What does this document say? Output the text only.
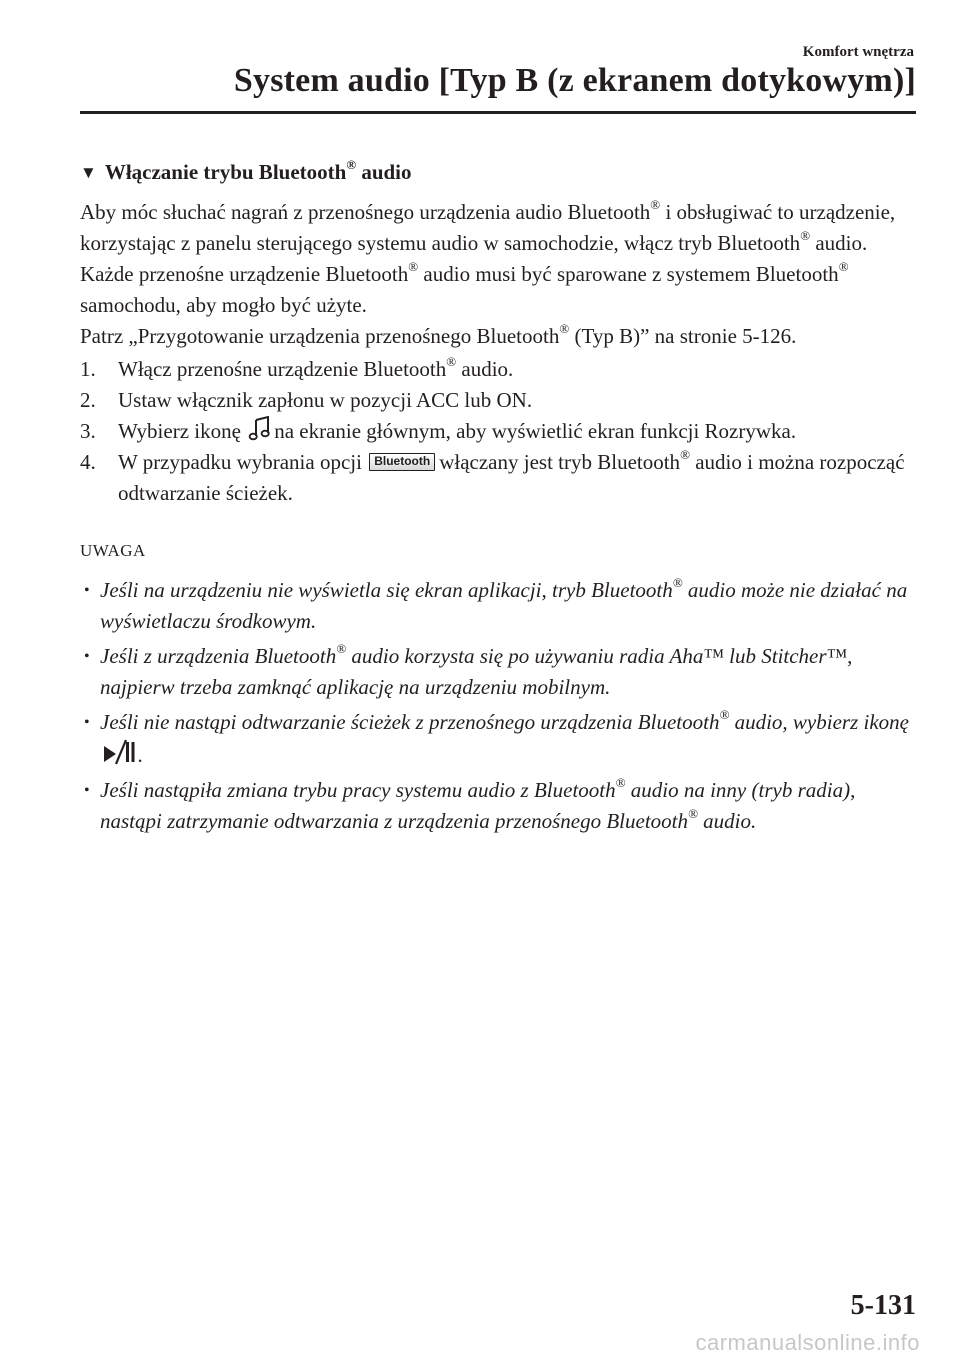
Komfort wnętrza
System audio [Typ B (z ekranem dotykowym)]
▼ Włączanie trybu Bluetooth® audio

Aby móc słuchać nagrań z przenośnego urządzenia audio Bluetooth® i obsługiwać to urządzenie, korzystając z panelu sterującego systemu audio w samochodzie, włącz tryb Bluetooth® audio. Każde przenośne urządzenie Bluetooth® audio musi być sparowane z systemem Bluetooth® samochodu, aby mogło być użyte.

Patrz „Przygotowanie urządzenia przenośnego Bluetooth® (Typ B)” na stronie 5-126.

1.	Włącz przenośne urządzenie Bluetooth® audio.
2.	Ustaw włącznik zapłonu w pozycji ACC lub ON.
3.	Wybierz ikonę na ekranie głównym, aby wyświetlić ekran funkcji Rozrywka.
4.	W przypadku wybrania opcji Bluetooth włączany jest tryb Bluetooth® audio i można rozpocząć odtwarzanie ścieżek.
UWAGA
• Jeśli na urządzeniu nie wyświetla się ekran aplikacji, tryb Bluetooth® audio może nie działać na wyświetlaczu środkowym.
• Jeśli z urządzenia Bluetooth® audio korzysta się po używaniu radia Aha™ lub Stitcher™, najpierw trzeba zamknąć aplikację na urządzeniu mobilnym.
• Jeśli nie nastąpi odtwarzanie ścieżek z przenośnego urządzenia Bluetooth® audio, wybierz ikonę .
• Jeśli nastąpiła zmiana trybu pracy systemu audio z Bluetooth® audio na inny (tryb radia), nastąpi zatrzymanie odtwarzania z urządzenia przenośnego Bluetooth® audio.
5-131
carmanualsonline.info
